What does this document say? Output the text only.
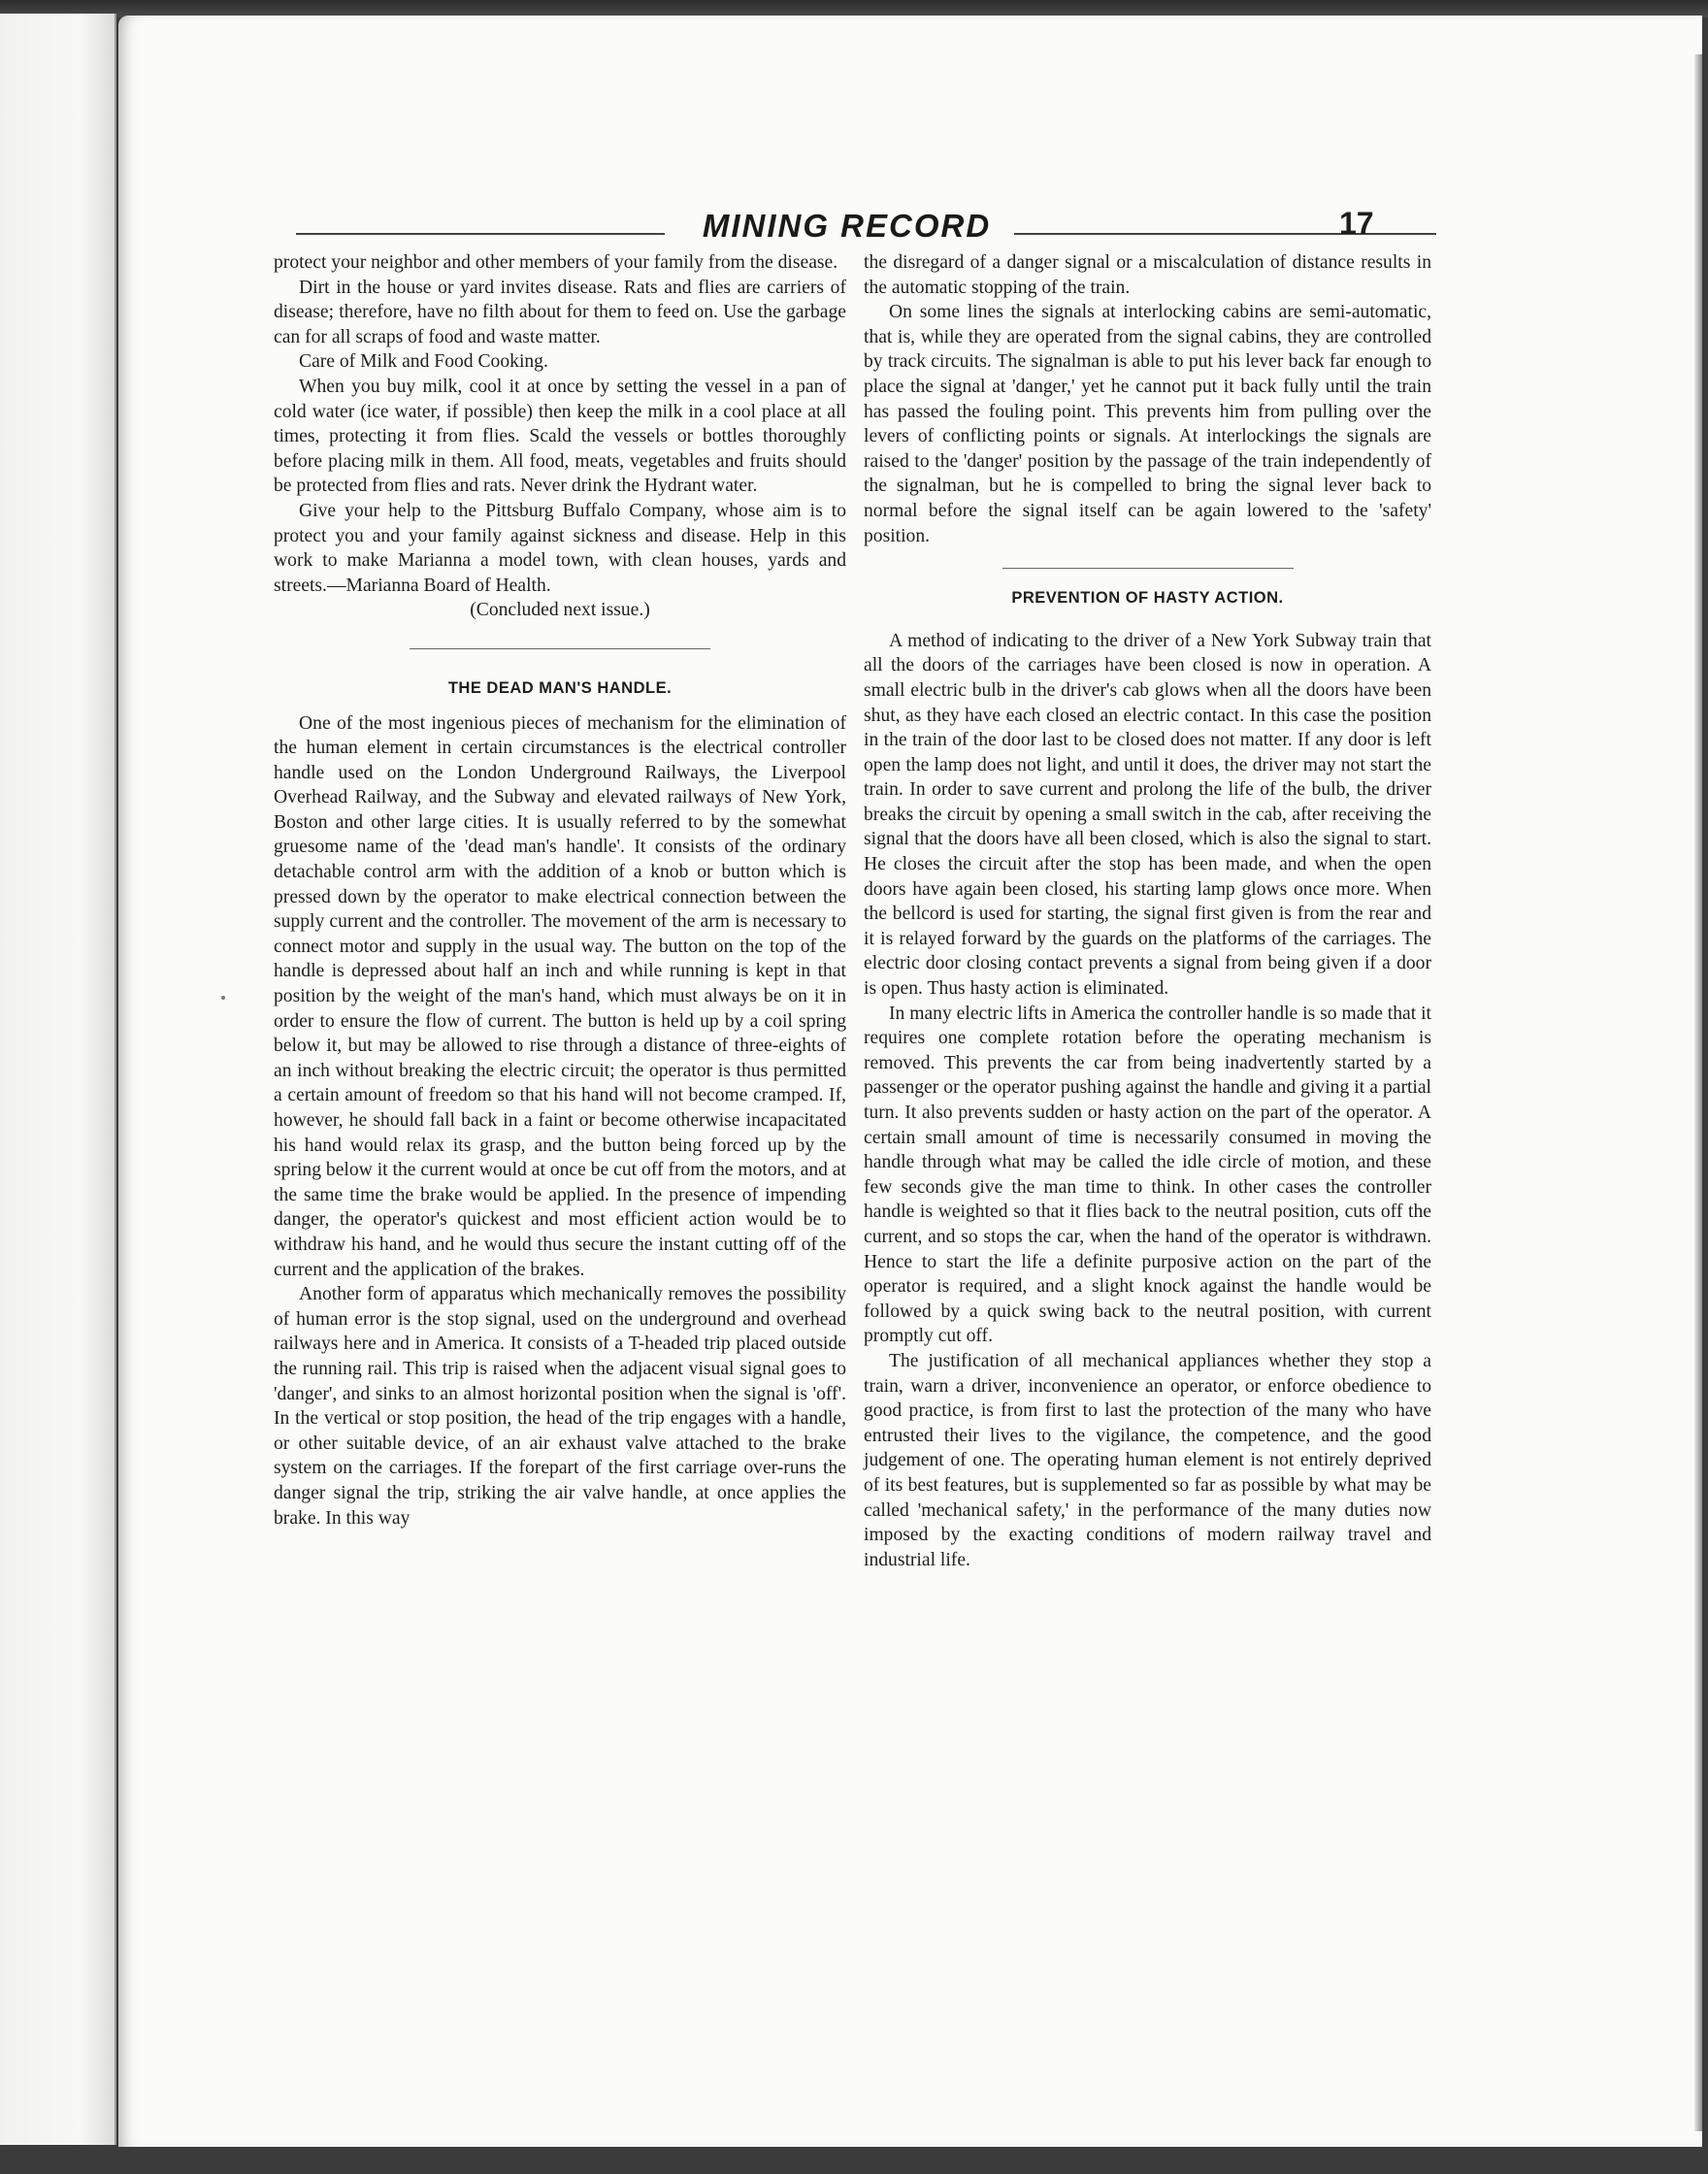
MINING RECORD	17

protect your neighbor and other members of your family from the disease.

Dirt in the house or yard invites disease. Rats and flies are carriers of disease; therefore, have no filth about for them to feed on. Use the garbage can for all scraps of food and waste matter.

Care of Milk and Food Cooking.

When you buy milk, cool it at once by setting the vessel in a pan of cold water (ice water, if possible) then keep the milk in a cool place at all times, protecting it from flies. Scald the vessels or bottles thoroughly before placing milk in them. All food, meats, vegetables and fruits should be protected from flies and rats. Never drink the Hydrant water.

Give your help to the Pittsburg Buffalo Company, whose aim is to protect you and your family against sickness and disease. Help in this work to make Marianna a model town, with clean houses, yards and streets.—Marianna Board of Health.

(Concluded next issue.)

THE DEAD MAN'S HANDLE.

One of the most ingenious pieces of mechanism for the elimination of the human element in certain circumstances is the electrical controller handle used on the London Underground Railways, the Liverpool Overhead Railway, and the Subway and elevated railways of New York, Boston and other large cities. It is usually referred to by the somewhat gruesome name of the 'dead man's handle'. It consists of the ordinary detachable control arm with the addition of a knob or button which is pressed down by the operator to make electrical connection between the supply current and the controller. The movement of the arm is necessary to connect motor and supply in the usual way. The button on the top of the handle is depressed about half an inch and while running is kept in that position by the weight of the man's hand, which must always be on it in order to ensure the flow of current. The button is held up by a coil spring below it, but may be allowed to rise through a distance of three-eights of an inch without breaking the electric circuit; the operator is thus permitted a certain amount of freedom so that his hand will not become cramped. If, however, he should fall back in a faint or become otherwise incapacitated his hand would relax its grasp, and the button being forced up by the spring below it the current would at once be cut off from the motors, and at the same time the brake would be applied. In the presence of impending danger, the operator's quickest and most efficient action would be to withdraw his hand, and he would thus secure the instant cutting off of the current and the application of the brakes.

Another form of apparatus which mechanically removes the possibility of human error is the stop signal, used on the underground and overhead railways here and in America. It consists of a T-headed trip placed outside the running rail. This trip is raised when the adjacent visual signal goes to 'danger', and sinks to an almost horizontal position when the signal is 'off'. In the vertical or stop position, the head of the trip engages with a handle, or other suitable device, of an air exhaust valve attached to the brake system on the carriages. If the forepart of the first carriage over-runs the danger signal the trip, striking the air valve handle, at once applies the brake. In this way

the disregard of a danger signal or a miscalculation of distance results in the automatic stopping of the train.

On some lines the signals at interlocking cabins are semi-automatic, that is, while they are operated from the signal cabins, they are controlled by track circuits. The signalman is able to put his lever back far enough to place the signal at 'danger,' yet he cannot put it back fully until the train has passed the fouling point. This prevents him from pulling over the levers of conflicting points or signals. At interlockings the signals are raised to the 'danger' position by the passage of the train independently of the signalman, but he is compelled to bring the signal lever back to normal before the signal itself can be again lowered to the 'safety' position.

PREVENTION OF HASTY ACTION.

A method of indicating to the driver of a New York Subway train that all the doors of the carriages have been closed is now in operation. A small electric bulb in the driver's cab glows when all the doors have been shut, as they have each closed an electric contact. In this case the position in the train of the door last to be closed does not matter. If any door is left open the lamp does not light, and until it does, the driver may not start the train. In order to save current and prolong the life of the bulb, the driver breaks the circuit by opening a small switch in the cab, after receiving the signal that the doors have all been closed, which is also the signal to start. He closes the circuit after the stop has been made, and when the open doors have again been closed, his starting lamp glows once more. When the bellcord is used for starting, the signal first given is from the rear and it is relayed forward by the guards on the platforms of the carriages. The electric door closing contact prevents a signal from being given if a door is open. Thus hasty action is eliminated.

In many electric lifts in America the controller handle is so made that it requires one complete rotation before the operating mechanism is removed. This prevents the car from being inadvertently started by a passenger or the operator pushing against the handle and giving it a partial turn. It also prevents sudden or hasty action on the part of the operator. A certain small amount of time is necessarily consumed in moving the handle through what may be called the idle circle of motion, and these few seconds give the man time to think. In other cases the controller handle is weighted so that it flies back to the neutral position, cuts off the current, and so stops the car, when the hand of the operator is withdrawn. Hence to start the life a definite purposive action on the part of the operator is required, and a slight knock against the handle would be followed by a quick swing back to the neutral position, with current promptly cut off.

The justification of all mechanical appliances whether they stop a train, warn a driver, inconvenience an operator, or enforce obedience to good practice, is from first to last the protection of the many who have entrusted their lives to the vigilance, the competence, and the good judgement of one. The operating human element is not entirely deprived of its best features, but is supplemented so far as possible by what may be called 'mechanical safety,' in the performance of the many duties now imposed by the exacting conditions of modern railway travel and industrial life.
